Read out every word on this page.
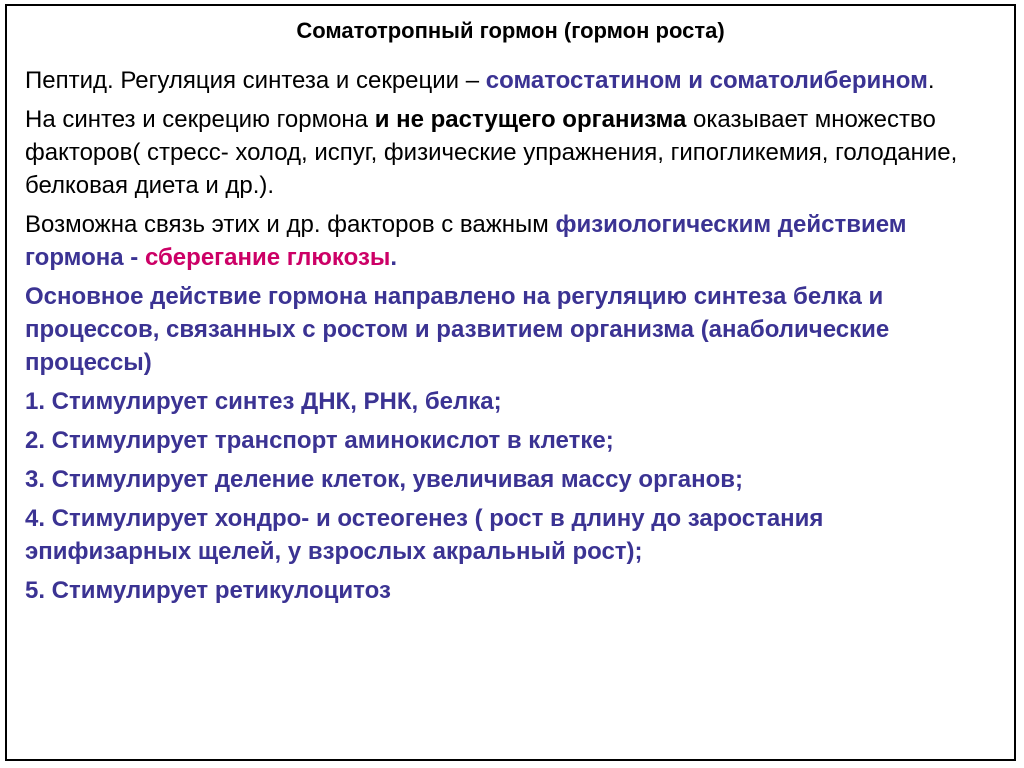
Соматотропный гормон (гормон роста)

Пептид. Регуляция синтеза и секреции – соматостатином и соматолиберином.

На синтез и секрецию гормона и не растущего организма оказывает множество факторов( стресс- холод, испуг, физические упражнения, гипогликемия, голодание, белковая диета и др.).

Возможна связь этих и др. факторов с важным физиологическим действием гормона - сберегание глюкозы.

Основное действие гормона направлено на регуляцию синтеза белка и процессов, связанных с ростом и развитием организма (анаболические процессы)

1. Стимулирует синтез ДНК, РНК, белка;

2. Стимулирует транспорт аминокислот в клетке;

3. Стимулирует деление клеток, увеличивая массу органов;

4. Стимулирует хондро- и остеогенез ( рост в длину до заростания эпифизарных щелей, у взрослых акральный рост);

5. Стимулирует ретикулоцитоз
